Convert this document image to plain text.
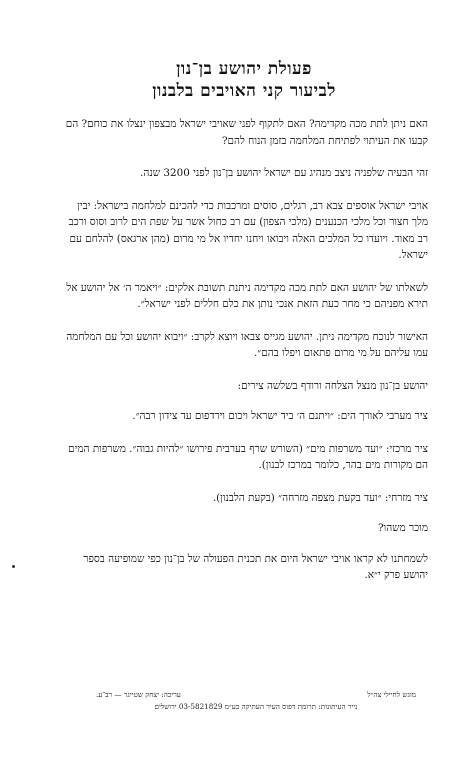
פעולת יהושע בן־נון
לביעור קני האויבים בלבנון

האם ניתן לתת מכה מקדימה? האם לתקוף לפני שאויבי ישראל מבצפון ינצלו את כוחם? הם קבעו את העיתוי לפתיחת המלחמה בזמן הנוח להם?

זהי הבעיה שלפניה ניצב מנהיג עם ישראל יהושע בן־נון לפני 3200 שנה.

אויבי ישראל אוספים צבא רב, רגלים, סוסים ומרכבות כדי להכינם למלחמה בישראל: יבין מלך חצור וכל מלכי הכנענים (מלכי הצפון) עם רב כחול אשר על שפת הים לרוב וסוס ורכב רב מאוד. ויועדו כל המלכים האלה ויבואו ויחנו יחדיו אל מי מרום (מהן ארגאס) להלחם עם ישראל.

לשאלתו של יהושע האם לתת מכה מקדימה ניתנת תשובת אלקים: ״ויאמר ה׳ אל יהושע אל תירא מפניהם כי מחר כעת הזאת אנכי נותן את כלם חללים לפני ישראל״.

האישור לנוכח מקדימה ניתן. יהושע מגייס צבאו ויוצא לקרב: ״ויבוא יהושע וכל עם המלחמה עמו עליהם על מי מרום פתאום ויפלו בהם״.

יהושע בן־נון מנצל הצלחה ורודף בשלשה צירים:

ציר מערבי לאורך הים: ״ויתנם ה׳ ביד ישראל ויכום וירדפום עד צידון רבה״.

ציר מרכזי: ״ועד משרפות מים״ (השורש שרף בערבית פירושו ״להיות גבוה״. משרפות המים הם מקורות מים בהר, כלומר במרכז לבנון).

ציר מזרחי: ״ועד בקעת מצפה מזרחה״ (בקעת הלבנון).

מוכר משהו?

לשמחתנו לא קראו אויבי ישראל היום את תכנית הפעולה של בן־נון כפי שמופיעה בספר יהושע פרק י״א.

מוגש לחיילי צה״ל
עריכה: יצחק שטייגר — רב־ע.
נייר העיתונות: תרומת דפוס העיר העתיקה בע״מ 03-5821829 ירושלים
